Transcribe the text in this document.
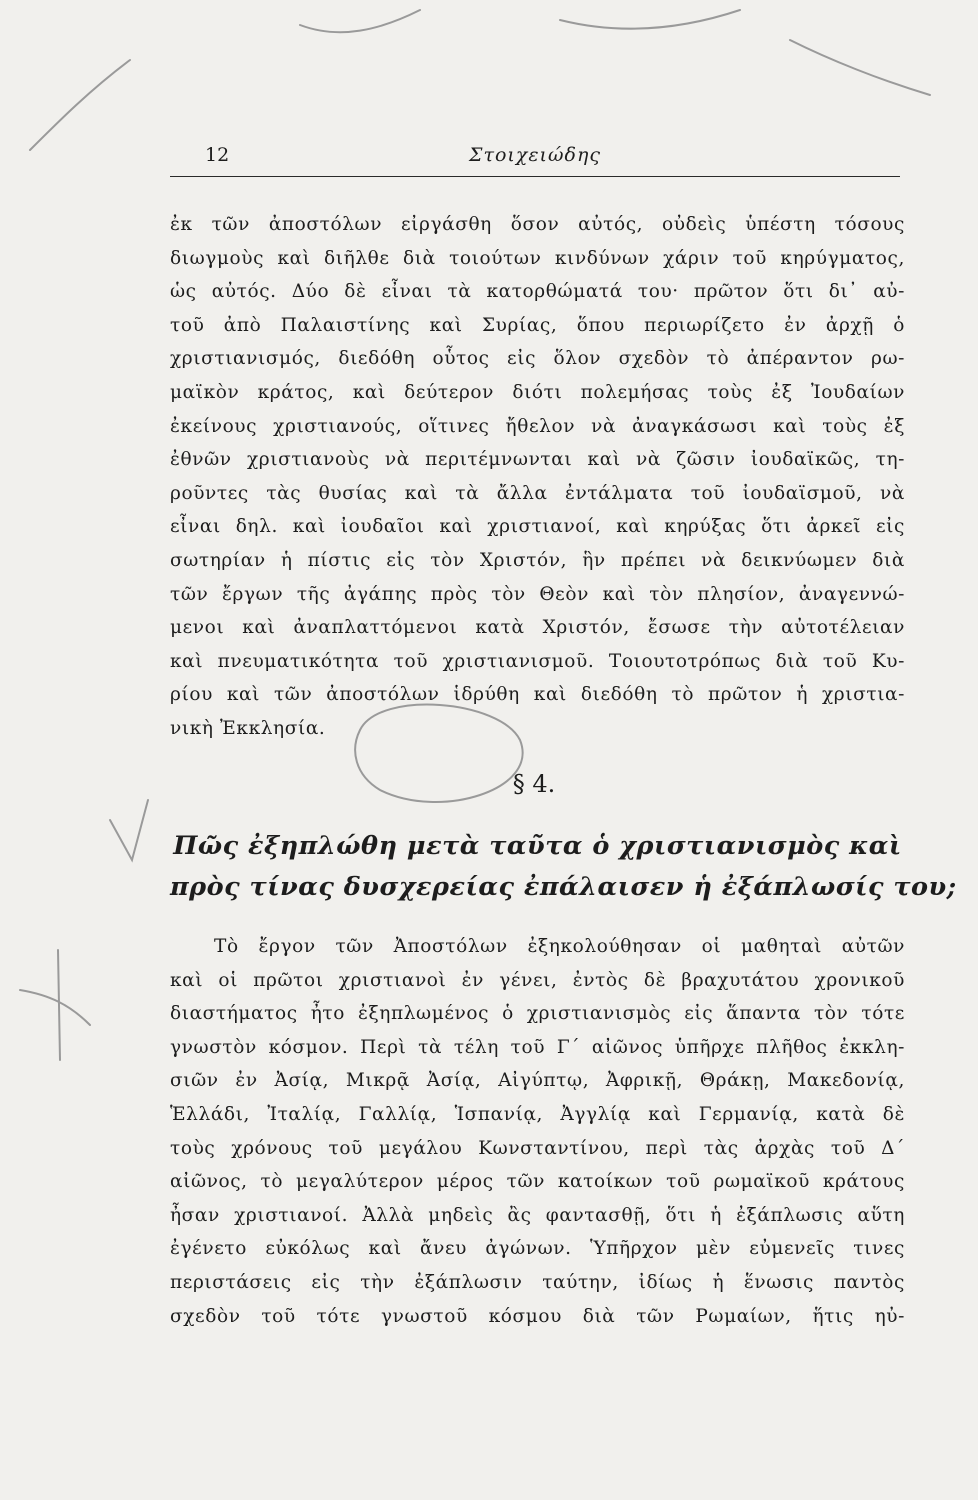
12	Στοιχειώδης
ἐκ τῶν ἀποστόλων εἰργάσθη ὅσον αὐτός, οὐδεὶς ὑπέστη τόσους
διωγμοὺς καὶ διῆλθε διὰ τοιούτων κινδύνων χάριν τοῦ κηρύγματος,
ὡς αὐτός. Δύο δὲ εἶναι τὰ κατορθώματά του· πρῶτον ὅτι δι᾽ αὐ-
τοῦ ἀπὸ Παλαιστίνης καὶ Συρίας, ὅπου περιωρίζετο ἐν ἀρχῇ ὁ
χριστιανισμός, διεδόθη οὗτος εἰς ὅλον σχεδὸν τὸ ἀπέραντον ρω-
μαϊκὸν κράτος, καὶ δεύτερον διότι πολεμήσας τοὺς ἐξ Ἰουδαίων
ἐκείνους χριστιανούς, οἵτινες ἤθελον νὰ ἀναγκάσωσι καὶ τοὺς ἐξ
ἐθνῶν χριστιανοὺς νὰ περιτέμνωνται καὶ νὰ ζῶσιν ἰουδαϊκῶς, τη-
ροῦντες τὰς θυσίας καὶ τὰ ἄλλα ἐντάλματα τοῦ ἰουδαϊσμοῦ, νὰ
εἶναι δηλ. καὶ ἰουδαῖοι καὶ χριστιανοί, καὶ κηρύξας ὅτι ἀρκεῖ εἰς
σωτηρίαν ἡ πίστις εἰς τὸν Χριστόν, ἣν πρέπει νὰ δεικνύωμεν διὰ
τῶν ἔργων τῆς ἀγάπης πρὸς τὸν Θεὸν καὶ τὸν πλησίον, ἀναγεννώ-
μενοι καὶ ἀναπλαττόμενοι κατὰ Χριστόν, ἔσωσε τὴν αὐτοτέλειαν
καὶ πνευματικότητα τοῦ χριστιανισμοῦ. Τοιουτοτρόπως διὰ τοῦ Κυ-
ρίου καὶ τῶν ἀποστόλων ἱδρύθη καὶ διεδόθη τὸ πρῶτον ἡ χριστια-
νικὴ Ἐκκλησία.
§ 4.
Πῶς ἐξηπλώθη μετὰ ταῦτα ὁ χριστιανισμὸς καὶ
πρὸς τίνας δυσχερείας ἐπάλαισεν ἡ ἐξάπλωσίς του;
Τὸ ἔργον τῶν Ἀποστόλων ἐξηκολούθησαν οἱ μαθηταὶ αὐτῶν
καὶ οἱ πρῶτοι χριστιανοὶ ἐν γένει, ἐντὸς δὲ βραχυτάτου χρονικοῦ
διαστήματος ἦτο ἐξηπλωμένος ὁ χριστιανισμὸς εἰς ἅπαντα τὸν τότε
γνωστὸν κόσμον. Περὶ τὰ τέλη τοῦ Γ΄ αἰῶνος ὑπῆρχε πλῆθος ἐκκλη-
σιῶν ἐν Ἀσίᾳ, Μικρᾷ Ἀσίᾳ, Αἰγύπτῳ, Ἀφρικῇ, Θράκῃ, Μακεδονίᾳ,
Ἑλλάδι, Ἰταλίᾳ, Γαλλίᾳ, Ἱσπανίᾳ, Ἀγγλίᾳ καὶ Γερμανίᾳ, κατὰ δὲ
τοὺς χρόνους τοῦ μεγάλου Κωνσταντίνου, περὶ τὰς ἀρχὰς τοῦ Δ΄
αἰῶνος, τὸ μεγαλύτερον μέρος τῶν κατοίκων τοῦ ρωμαϊκοῦ κράτους
ἦσαν χριστιανοί. Ἀλλὰ μηδεὶς ἂς φαντασθῇ, ὅτι ἡ ἐξάπλωσις αὕτη
ἐγένετο εὐκόλως καὶ ἄνευ ἀγώνων. Ὑπῆρχον μὲν εὐμενεῖς τινες
περιστάσεις εἰς τὴν ἐξάπλωσιν ταύτην, ἰδίως ἡ ἕνωσις παντὸς
σχεδὸν τοῦ τότε γνωστοῦ κόσμου διὰ τῶν Ρωμαίων, ἥτις ηὐ-
